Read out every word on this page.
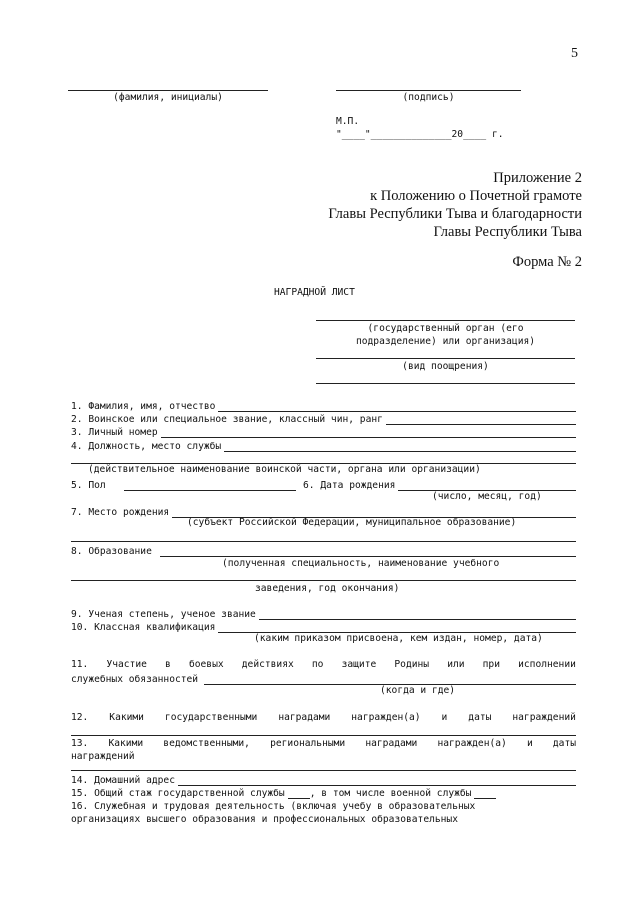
5
(фамилия, инициалы)	(подпись)
М.П.
"____"______________20____ г.
Приложение 2
к Положению о Почетной грамоте
Главы Республики Тыва и благодарности
Главы Республики Тыва
Форма № 2
НАГРАДНОЙ ЛИСТ
(государственный орган (его
подразделение) или организация)
(вид поощрения)
1. Фамилия, имя, отчество
2. Воинское или специальное звание, классный чин, ранг
3. Личный номер
4. Должность, место службы
(действительное наименование воинской части, органа или организации)
5. Пол	6. Дата рождения
(число, месяц, год)
7. Место рождения
(субъект Российской Федерации, муниципальное образование)
8. Образование
(полученная специальность, наименование учебного
заведения, год окончания)
9. Ученая степень, ученое звание
10. Классная квалификация
(каким приказом присвоена, кем издан, номер, дата)
11. Участие в боевых действиях по защите Родины или при исполнении
служебных обязанностей
(когда и где)
12. Какими государственными наградами награжден(а) и даты награждений
13. Какими ведомственными, региональными наградами награжден(а) и даты
награждений
14. Домашний адрес
15. Общий стаж государственной службы	, в том числе военной службы
16. Служебная и трудовая деятельность (включая учебу в образовательных
организациях высшего образования и профессиональных образовательных
